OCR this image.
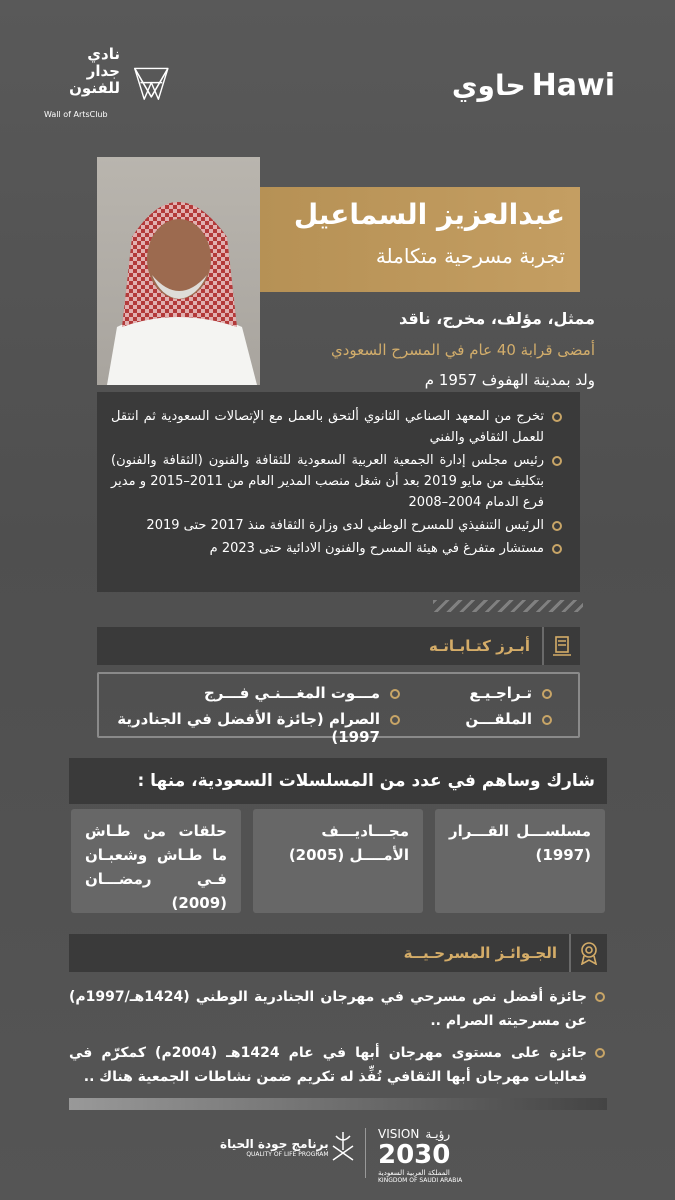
نادي
جدار
للفنون
Wall of ArtsClub
حاوي Hawi
عبدالعزيز السماعيل
تجربة مسرحية متكاملة
ممثل، مؤلف، مخرج، ناقد
أمضى قرابة 40 عام في المسرح السعودي
ولد بمدينة الهفوف 1957 م
تخرج من المعهد الصناعي الثانوي ألتحق بالعمل مع الإتصالات السعودية ثم انتقل للعمل الثقافي والفني
رئيس مجلس إدارة الجمعية العربية السعودية للثقافة والفنون (الثقافة والفنون) بتكليف من مايو 2019 بعد أن شغل منصب المدير العام من 2011–2015 و مدير فرع الدمام 2004–2008
الرئيس التنفيذي للمسرح الوطني لدى وزارة الثقافة منذ 2017 حتى 2019
مستشار متفرغ في هيئة المسرح والفنون الادائية حتى 2023 م
أبـرز كتـابـاتـه
تـراجـيـع
مـــوت المغـــنـي فـــرج
الملقـــن
الصرام (جائزة الأفضل في الجنادرية 1997)
شارك وساهم في عدد من المسلسلات السعودية، منها :
مسلســـل القـــرار (1997)
مجـــاديـــف الأمــــل (2005)
حلقات من طـاش ما طـاش وشعبـان فـي رمضـــان (2009)
الجـوائـز المسرحـيــة
جائزة أفضل نص مسرحي في مهرجان الجنادرية الوطني (1424هـ/1997م) عن مسرحيته الصرام ..
جائزة على مستوى مهرجان أبها في عام 1424هـ (2004م) كمكرّم في فعاليات مهرجان أبها الثقافي نُفِّذ له تكريم ضمن نشاطات الجمعية هناك ..
VISION رؤيـة
2030
المملكة العربية السعودية
KINGDOM OF SAUDI ARABIA
برنامج جودة الحياة
QUALITY OF LIFE PROGRAM
